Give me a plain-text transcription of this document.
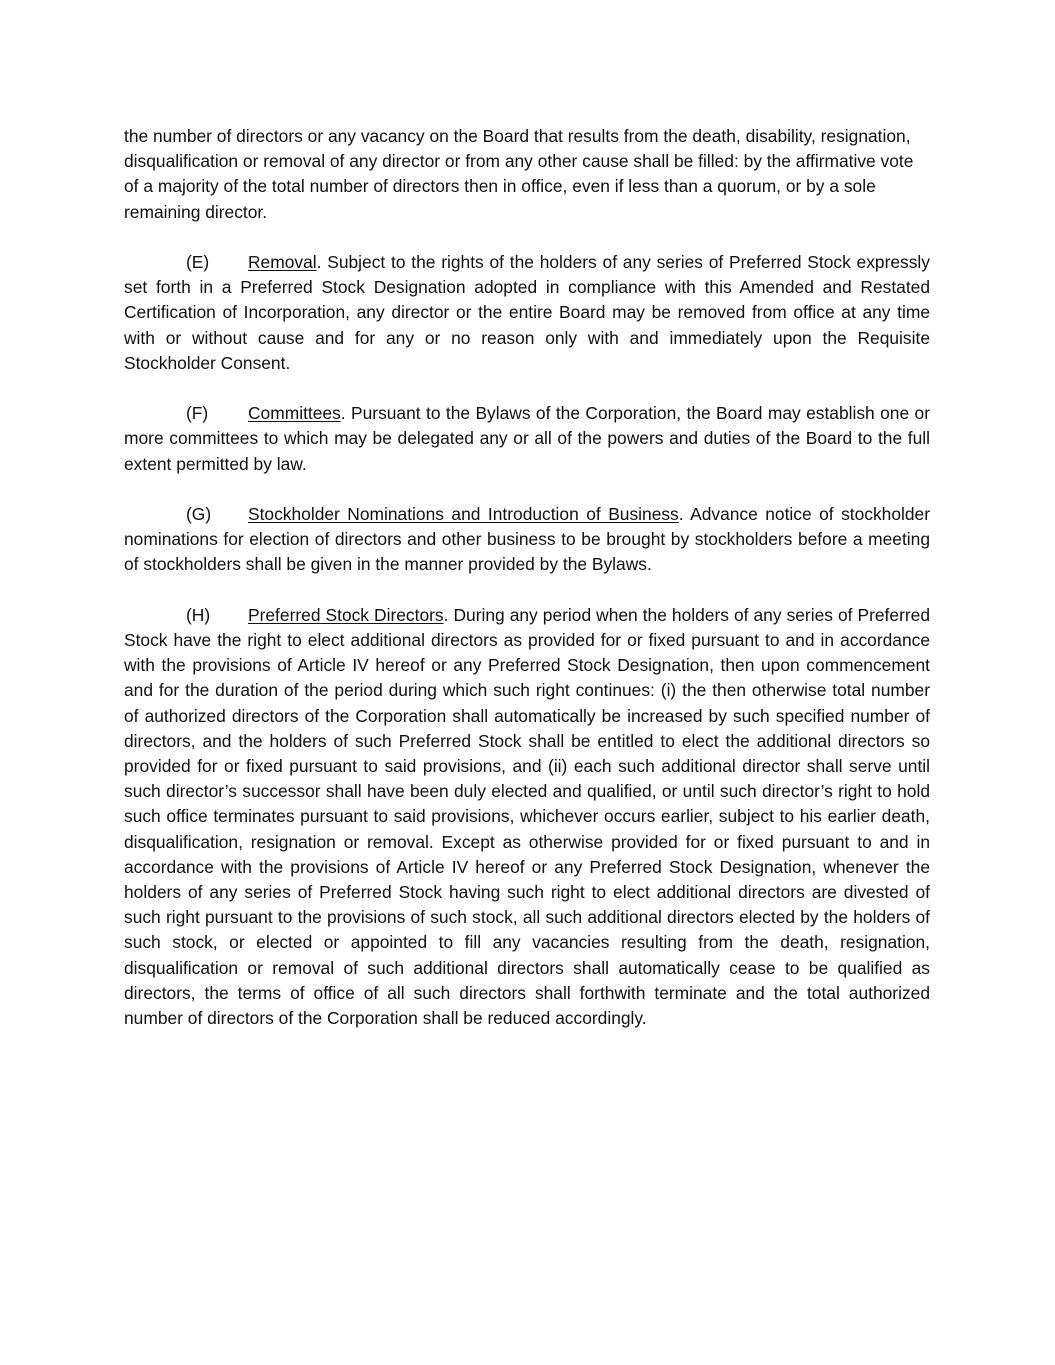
the number of directors or any vacancy on the Board that results from the death, disability, resignation, disqualification or removal of any director or from any other cause shall be filled: by the affirmative vote of a majority of the total number of directors then in office, even if less than a quorum, or by a sole remaining director.

(E) Removal. Subject to the rights of the holders of any series of Preferred Stock expressly set forth in a Preferred Stock Designation adopted in compliance with this Amended and Restated Certification of Incorporation, any director or the entire Board may be removed from office at any time with or without cause and for any or no reason only with and immediately upon the Requisite Stockholder Consent.

(F) Committees. Pursuant to the Bylaws of the Corporation, the Board may establish one or more committees to which may be delegated any or all of the powers and duties of the Board to the full extent permitted by law.

(G) Stockholder Nominations and Introduction of Business. Advance notice of stockholder nominations for election of directors and other business to be brought by stockholders before a meeting of stockholders shall be given in the manner provided by the Bylaws.

(H) Preferred Stock Directors. During any period when the holders of any series of Preferred Stock have the right to elect additional directors as provided for or fixed pursuant to and in accordance with the provisions of Article IV hereof or any Preferred Stock Designation, then upon commencement and for the duration of the period during which such right continues: (i) the then otherwise total number of authorized directors of the Corporation shall automatically be increased by such specified number of directors, and the holders of such Preferred Stock shall be entitled to elect the additional directors so provided for or fixed pursuant to said provisions, and (ii) each such additional director shall serve until such director’s successor shall have been duly elected and qualified, or until such director’s right to hold such office terminates pursuant to said provisions, whichever occurs earlier, subject to his earlier death, disqualification, resignation or removal. Except as otherwise provided for or fixed pursuant to and in accordance with the provisions of Article IV hereof or any Preferred Stock Designation, whenever the holders of any series of Preferred Stock having such right to elect additional directors are divested of such right pursuant to the provisions of such stock, all such additional directors elected by the holders of such stock, or elected or appointed to fill any vacancies resulting from the death, resignation, disqualification or removal of such additional directors shall automatically cease to be qualified as directors, the terms of office of all such directors shall forthwith terminate and the total authorized number of directors of the Corporation shall be reduced accordingly.
